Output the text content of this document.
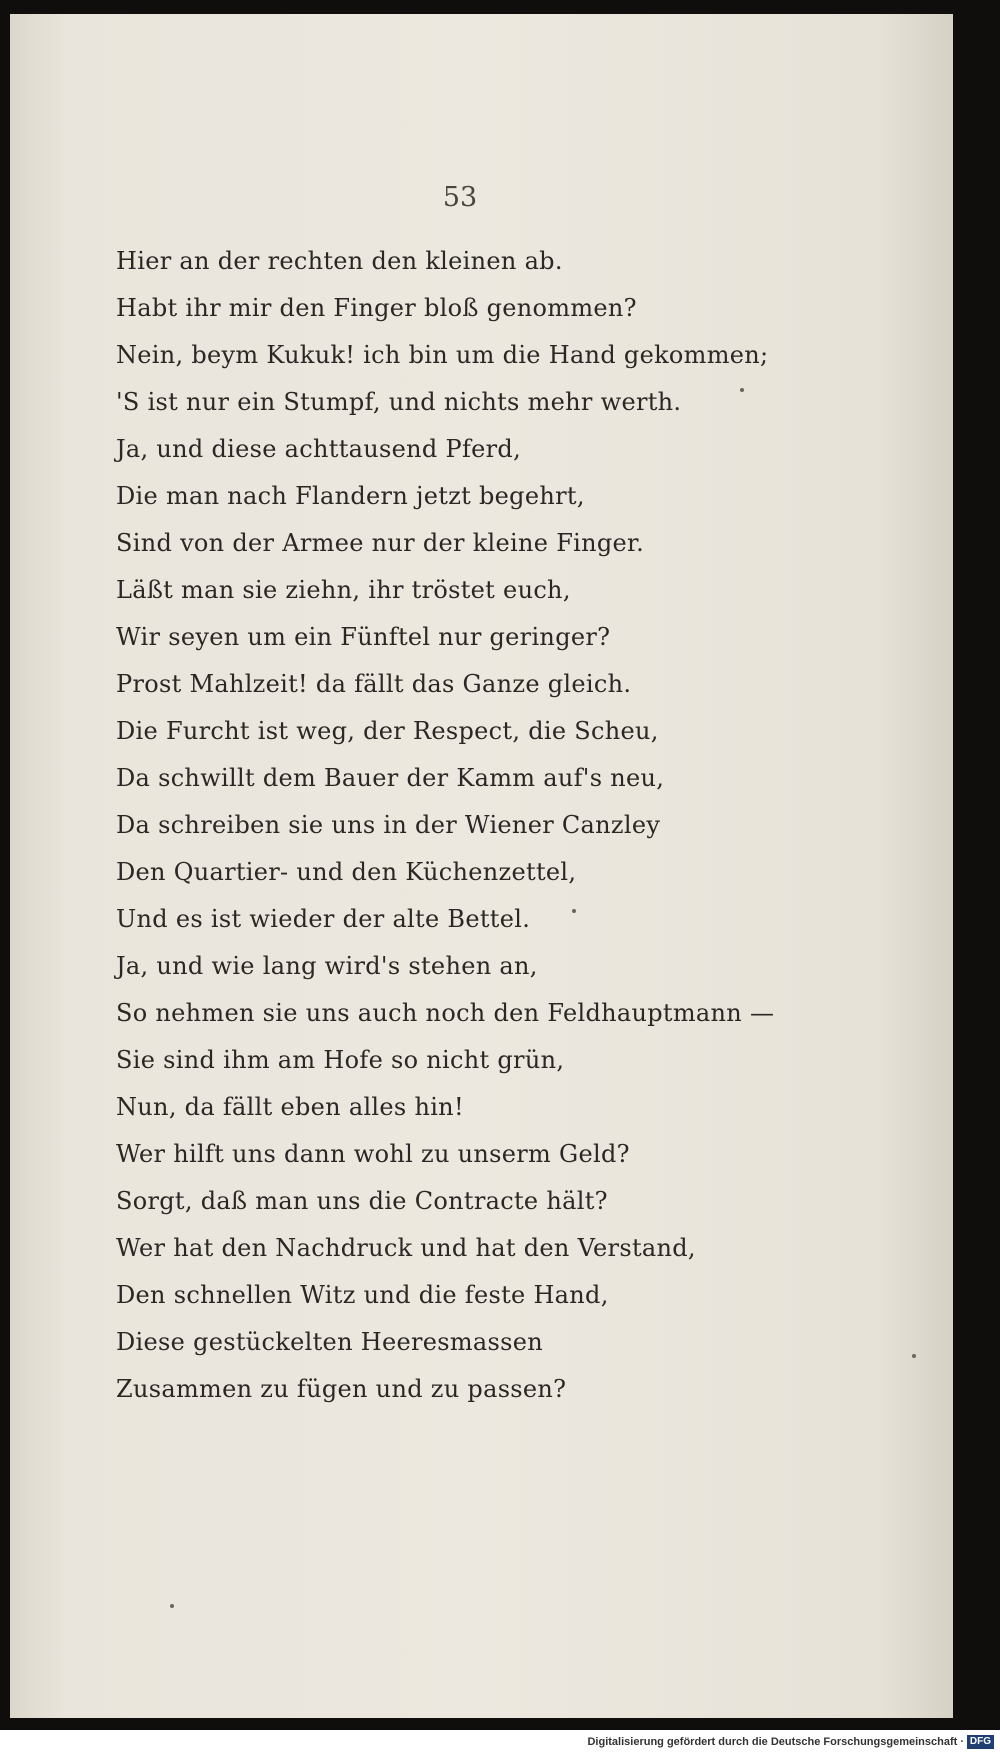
53
Hier an der rechten den kleinen ab.
Habt ihr mir den Finger bloß genommen?
Nein, beym Kukuk! ich bin um die Hand gekommen;
'S ist nur ein Stumpf, und nichts mehr werth.
Ja, und diese achttausend Pferd,
Die man nach Flandern jetzt begehrt,
Sind von der Armee nur der kleine Finger.
Läßt man sie ziehn, ihr tröstet euch,
Wir seyen um ein Fünftel nur geringer?
Prost Mahlzeit! da fällt das Ganze gleich.
Die Furcht ist weg, der Respect, die Scheu,
Da schwillt dem Bauer der Kamm auf's neu,
Da schreiben sie uns in der Wiener Canzley
Den Quartier- und den Küchenzettel,
Und es ist wieder der alte Bettel.
Ja, und wie lang wird's stehen an,
So nehmen sie uns auch noch den Feldhauptmann —
Sie sind ihm am Hofe so nicht grün,
Nun, da fällt eben alles hin!
Wer hilft uns dann wohl zu unserm Geld?
Sorgt, daß man uns die Contracte hält?
Wer hat den Nachdruck und hat den Verstand,
Den schnellen Witz und die feste Hand,
Diese gestückelten Heeresmassen
Zusammen zu fügen und zu passen?
Digitalisierung gefördert durch die Deutsche Forschungsgemeinschaft · DFG
